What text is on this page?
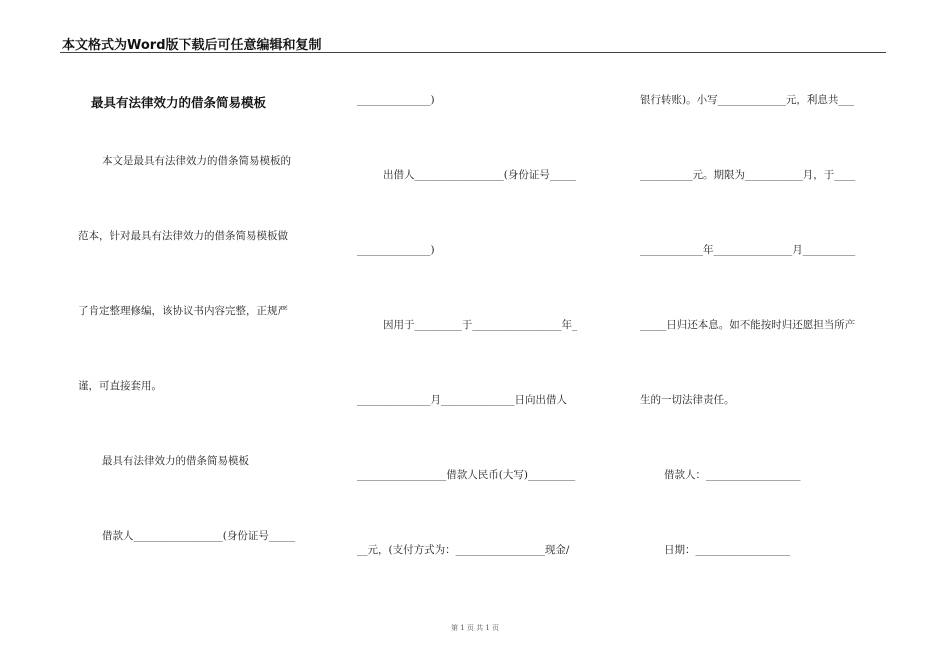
本文格式为Word版下载后可任意编辑和复制
最具有法律效力的借条简易模板
本文是最具有法律效力的借条简易模板的
范本，针对最具有法律效力的借条简易模板做
了肯定整理修编，该协议书内容完整，正规严
谨，可直接套用。
最具有法律效力的借条简易模板
借款人_________________(身份证号_____
______________)
出借人_________________(身份证号_____
______________)
因用于_________于_________________年_
______________月______________日向出借人
_________________借款人民币(大写)_________
__元，(支付方式为：_________________现金/
银行转账)。小写_____________元，利息共___
__________元。期限为___________月，于____
____________年_______________月__________
_____日归还本息。如不能按时归还愿担当所产
生的一切法律责任。
借款人：__________________
日期：__________________
第 1 页 共 1 页
